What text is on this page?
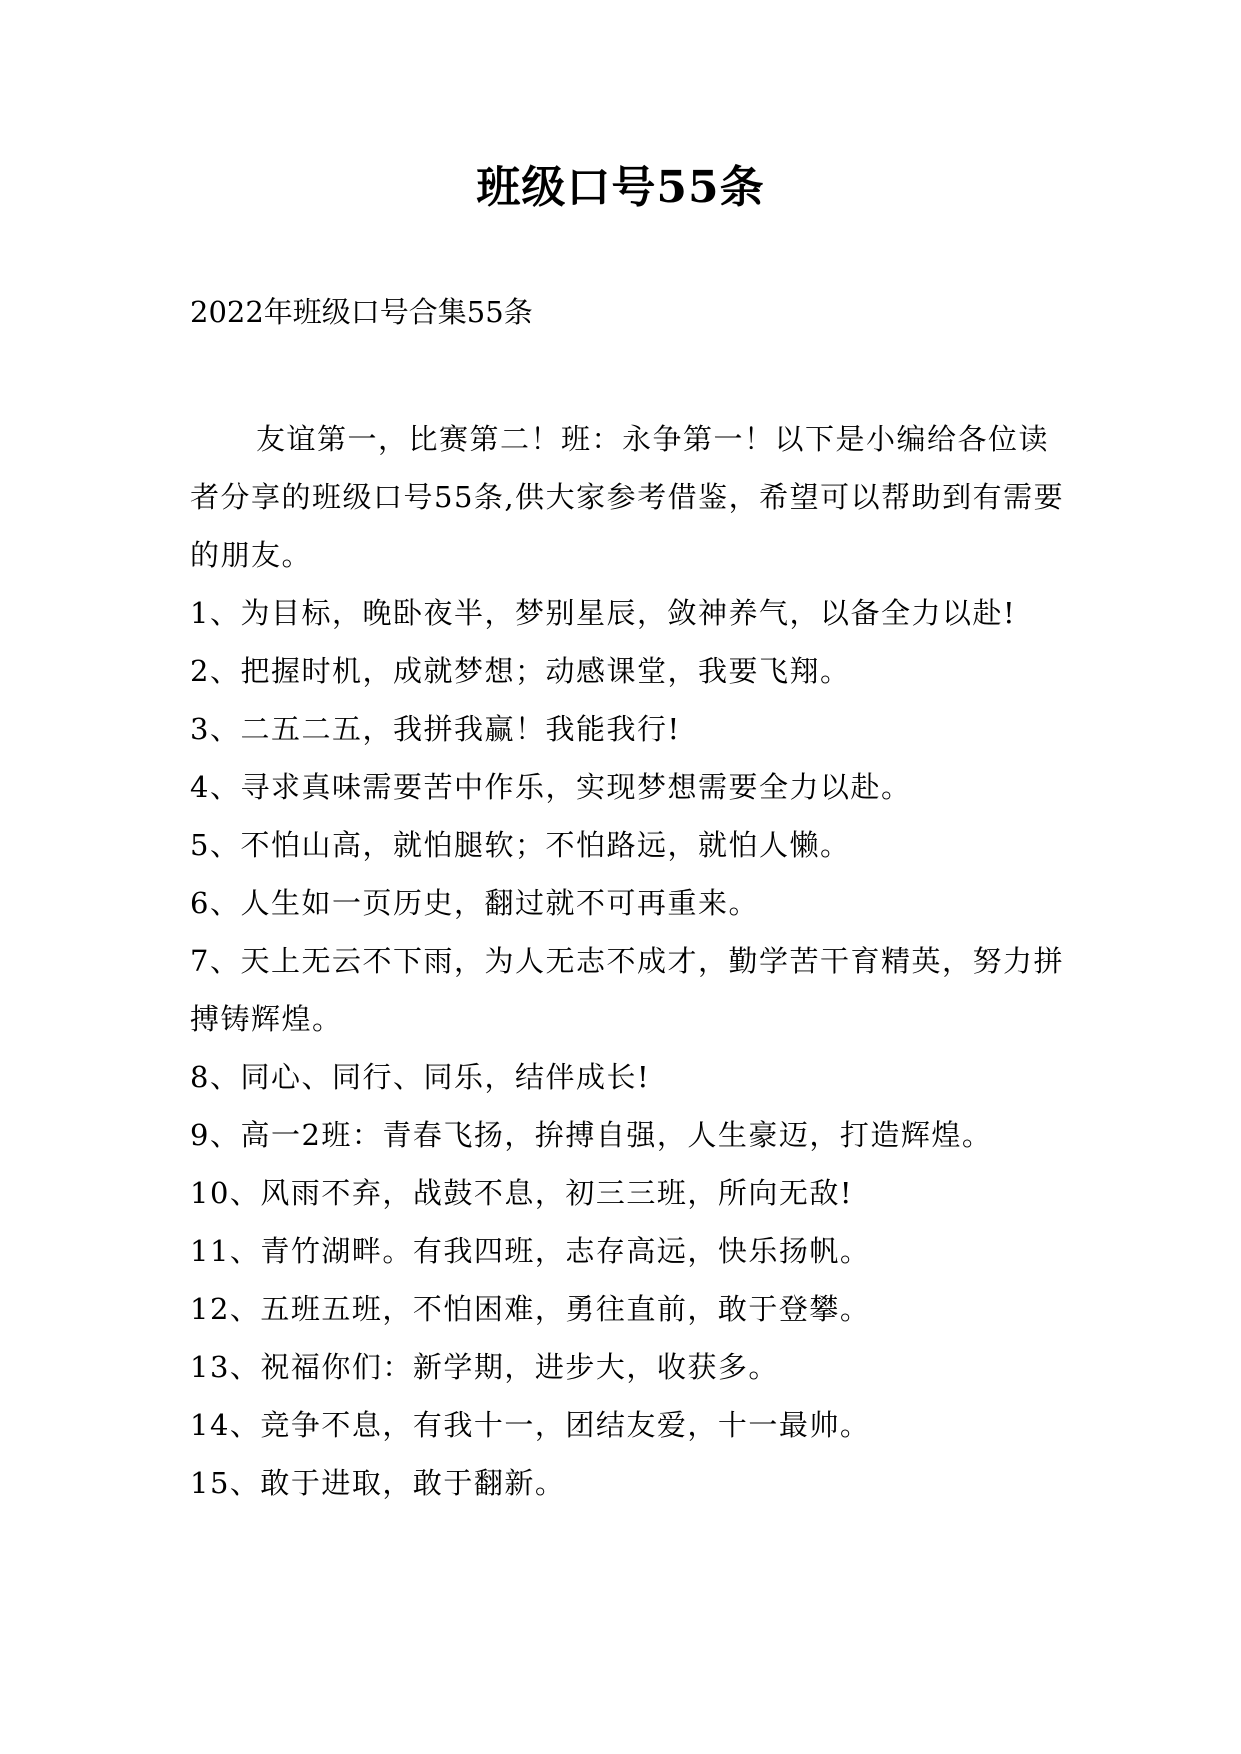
班级口号55条

2022年班级口号合集55条

友谊第一，比赛第二！班：永争第一！以下是小编给各位读者分享的班级口号55条,供大家参考借鉴，希望可以帮助到有需要的朋友。

1、为目标，晚卧夜半，梦别星辰，敛神养气，以备全力以赴!

2、把握时机，成就梦想；动感课堂，我要飞翔。

3、二五二五，我拼我赢！我能我行!

4、寻求真味需要苦中作乐，实现梦想需要全力以赴。

5、不怕山高，就怕腿软；不怕路远，就怕人懒。

6、人生如一页历史，翻过就不可再重来。

7、天上无云不下雨，为人无志不成才，勤学苦干育精英，努力拼搏铸辉煌。

8、同心、同行、同乐，结伴成长!

9、高一2班：青春飞扬，拚搏自强，人生豪迈，打造辉煌。

10、风雨不弃，战鼓不息，初三三班，所向无敌!

11、青竹湖畔。有我四班，志存高远，快乐扬帆。

12、五班五班，不怕困难，勇往直前，敢于登攀。

13、祝福你们：新学期，进步大，收获多。

14、竞争不息，有我十一，团结友爱，十一最帅。

15、敢于进取，敢于翻新。
